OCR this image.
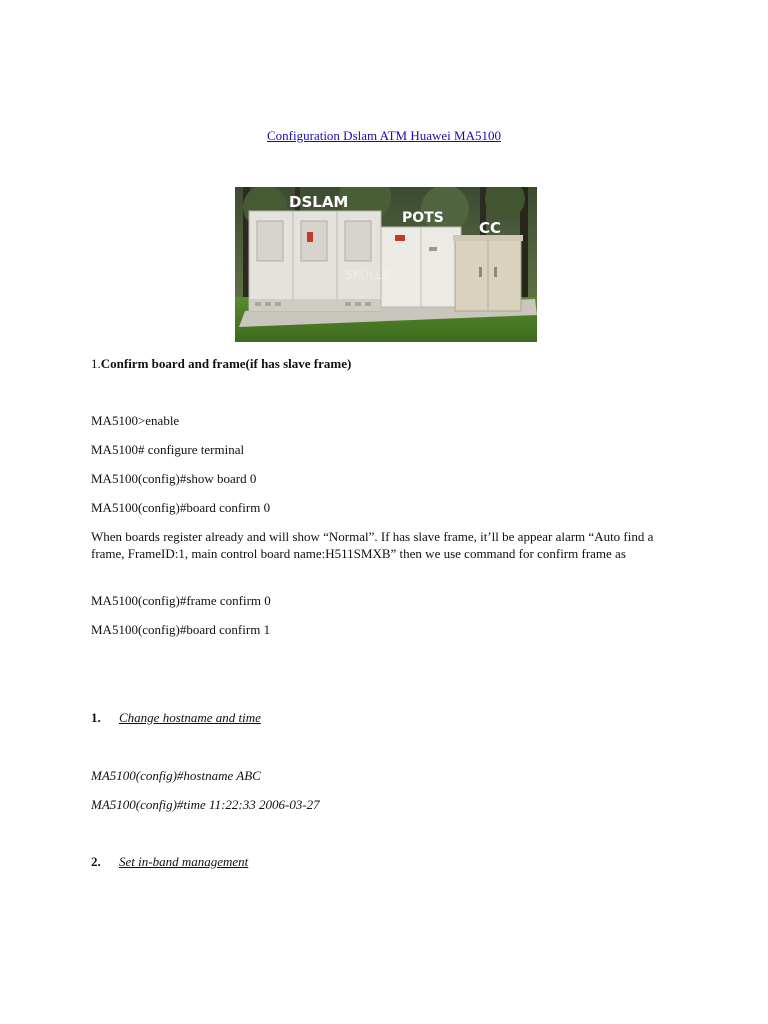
Configuration Dslam ATM Huawei MA5100
SKULLS
DSLAM
POTS
CC
1.Confirm board and frame(if has slave frame)
MA5100>enable
MA5100# configure terminal
MA5100(config)#show board 0
MA5100(config)#board confirm 0
When boards register already and will show “Normal”. If has slave frame, it’ll be appear alarm “Auto find a frame, FrameID:1, main control board name:H511SMXB” then we use command for confirm frame as
MA5100(config)#frame confirm 0
MA5100(config)#board confirm 1
1. Change hostname and time
MA5100(config)#hostname ABC
MA5100(config)#time 11:22:33 2006-03-27
2. Set in-band management
